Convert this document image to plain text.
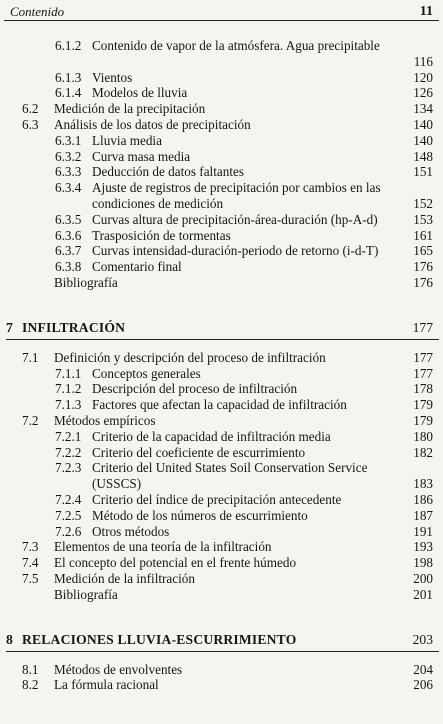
Contenido	11
6.1.2 Contenido de vapor de la atmósfera. Agua precipitable
116
6.1.3 Vientos	120
6.1.4 Modelos de lluvia	126
6.2 Medición de la precipitación	134
6.3 Análisis de los datos de precipitación	140
6.3.1 Lluvia media	140
6.3.2 Curva masa media	148
6.3.3 Deducción de datos faltantes	151
6.3.4 Ajuste de registros de precipitación por cambios en las condiciones de medición	152
6.3.5 Curvas altura de precipitación-área-duración (hp-A-d)	153
6.3.6 Trasposición de tormentas	161
6.3.7 Curvas intensidad-duración-periodo de retorno (i-d-T)	165
6.3.8 Comentario final	176
Bibliografía	176
7 INFILTRACIÓN	177
7.1 Definición y descripción del proceso de infiltración	177
7.1.1 Conceptos generales	177
7.1.2 Descripción del proceso de infiltración	178
7.1.3 Factores que afectan la capacidad de infiltración	179
7.2 Métodos empíricos	179
7.2.1 Criterio de la capacidad de infiltración media	180
7.2.2 Criterio del coeficiente de escurrimiento	182
7.2.3 Criterio del United States Soil Conservation Service (USSCS)	183
7.2.4 Criterio del índice de precipitación antecedente	186
7.2.5 Método de los números de escurrimiento	187
7.2.6 Otros métodos	191
7.3 Elementos de una teoría de la infiltración	193
7.4 El concepto del potencial en el frente húmedo	198
7.5 Medición de la infiltración	200
Bibliografía	201
8 RELACIONES LLUVIA-ESCURRIMIENTO	203
8.1 Métodos de envolventes	204
8.2 La fórmula racional	206
